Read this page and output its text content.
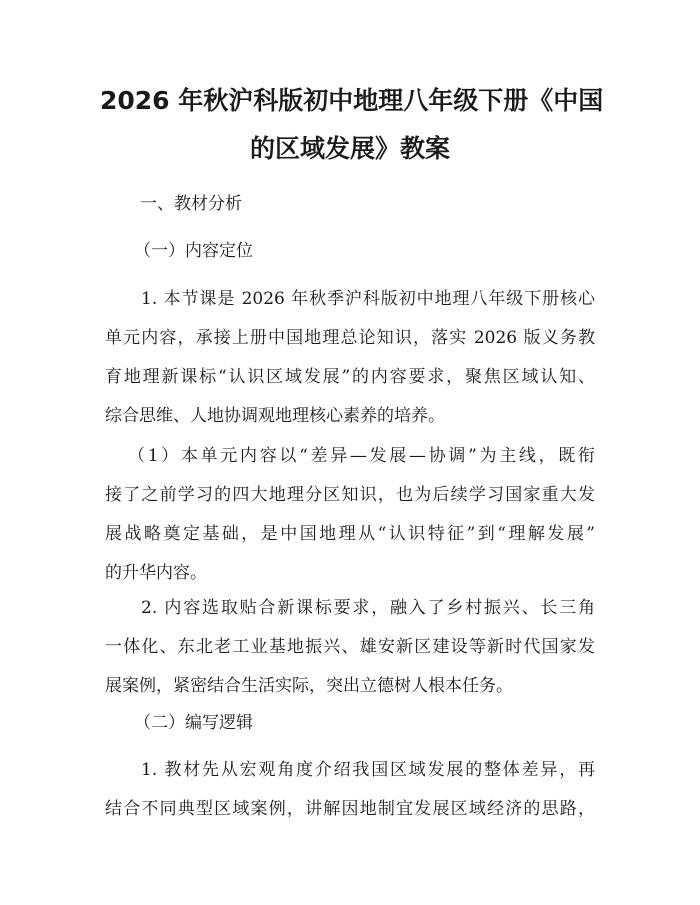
2026 年秋沪科版初中地理八年级下册《中国
的区域发展》教案

一、教材分析

（一）内容定位

1. 本节课是 2026 年秋季沪科版初中地理八年级下册核心
单元内容，承接上册中国地理总论知识，落实 2026 版义务教
育地理新课标“认识区域发展”的内容要求，聚焦区域认知、
综合思维、人地协调观地理核心素养的培养。
（1）本单元内容以“差异—发展—协调”为主线，既衔
接了之前学习的四大地理分区知识，也为后续学习国家重大发
展战略奠定基础，是中国地理从“认识特征”到“理解发展”
的升华内容。
2. 内容选取贴合新课标要求，融入了乡村振兴、长三角
一体化、东北老工业基地振兴、雄安新区建设等新时代国家发
展案例，紧密结合生活实际，突出立德树人根本任务。

（二）编写逻辑

1. 教材先从宏观角度介绍我国区域发展的整体差异，再
结合不同典型区域案例，讲解因地制宜发展区域经济的思路，
